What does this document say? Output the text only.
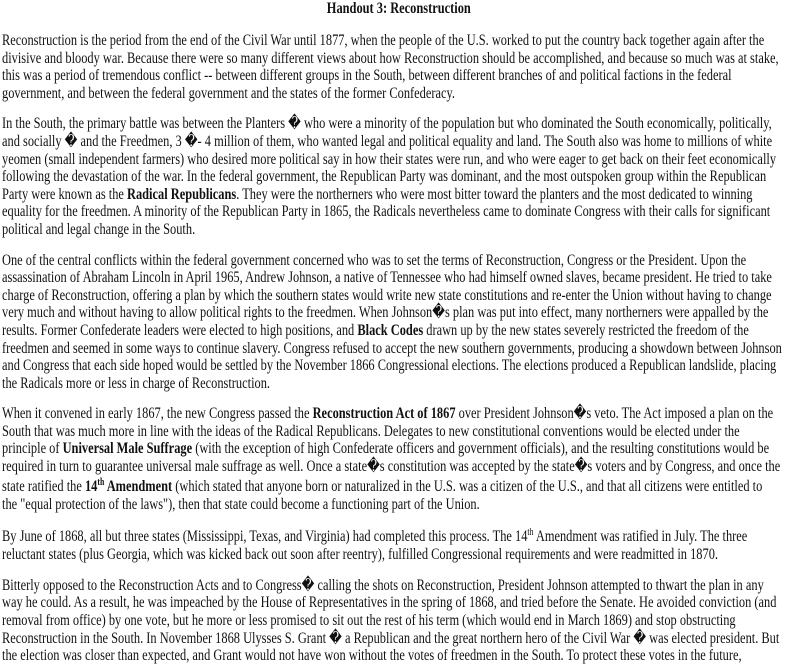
Handout 3: Reconstruction
Reconstruction is the period from the end of the Civil War until 1877, when the people of the U.S. worked to put the country back together again after the
divisive and bloody war. Because there were so many different views about how Reconstruction should be accomplished, and because so much was at stake,
this was a period of tremendous conflict -- between different groups in the South, between different branches of and political factions in the federal
government, and between the federal government and the states of the former Confederacy.
In the South, the primary battle was between the Planters � who were a minority of the population but who dominated the South economically, politically,
and socially � and the Freedmen, 3 �- 4 million of them, who wanted legal and political equality and land. The South also was home to millions of white
yeomen (small independent farmers) who desired more political say in how their states were run, and who were eager to get back on their feet economically
following the devastation of the war. In the federal government, the Republican Party was dominant, and the most outspoken group within the Republican
Party were known as the Radical Republicans. They were the northerners who were most bitter toward the planters and the most dedicated to winning
equality for the freedmen. A minority of the Republican Party in 1865, the Radicals nevertheless came to dominate Congress with their calls for significant
political and legal change in the South.
One of the central conflicts within the federal government concerned who was to set the terms of Reconstruction, Congress or the President. Upon the
assassination of Abraham Lincoln in April 1965, Andrew Johnson, a native of Tennessee who had himself owned slaves, became president. He tried to take
charge of Reconstruction, offering a plan by which the southern states would write new state constitutions and re-enter the Union without having to change
very much and without having to allow political rights to the freedmen. When Johnson�s plan was put into effect, many northerners were appalled by the
results. Former Confederate leaders were elected to high positions, and Black Codes drawn up by the new states severely restricted the freedom of the
freedmen and seemed in some ways to continue slavery. Congress refused to accept the new southern governments, producing a showdown between Johnson
and Congress that each side hoped would be settled by the November 1866 Congressional elections. The elections produced a Republican landslide, placing
the Radicals more or less in charge of Reconstruction.
When it convened in early 1867, the new Congress passed the Reconstruction Act of 1867 over President Johnson�s veto. The Act imposed a plan on the
South that was much more in line with the ideas of the Radical Republicans. Delegates to new constitutional conventions would be elected under the
principle of Universal Male Suffrage (with the exception of high Confederate officers and government officials), and the resulting constitutions would be
required in turn to guarantee universal male suffrage as well. Once a state�s constitution was accepted by the state�s voters and by Congress, and once the
state ratified the 14th Amendment (which stated that anyone born or naturalized in the U.S. was a citizen of the U.S., and that all citizens were entitled to
the "equal protection of the laws"), then that state could become a functioning part of the Union.
By June of 1868, all but three states (Mississippi, Texas, and Virginia) had completed this process. The 14th Amendment was ratified in July. The three
reluctant states (plus Georgia, which was kicked back out soon after reentry), fulfilled Congressional requirements and were readmitted in 1870.
Bitterly opposed to the Reconstruction Acts and to Congress� calling the shots on Reconstruction, President Johnson attempted to thwart the plan in any
way he could. As a result, he was impeached by the House of Representatives in the spring of 1868, and tried before the Senate. He avoided conviction (and
removal from office) by one vote, but he more or less promised to sit out the rest of his term (which would end in March 1869) and stop obstructing
Reconstruction in the South. In November 1868 Ulysses S. Grant � a Republican and the great northern hero of the Civil War � was elected president. But
the election was closer than expected, and Grant would not have won without the votes of freedmen in the South. To protect these votes in the future,
